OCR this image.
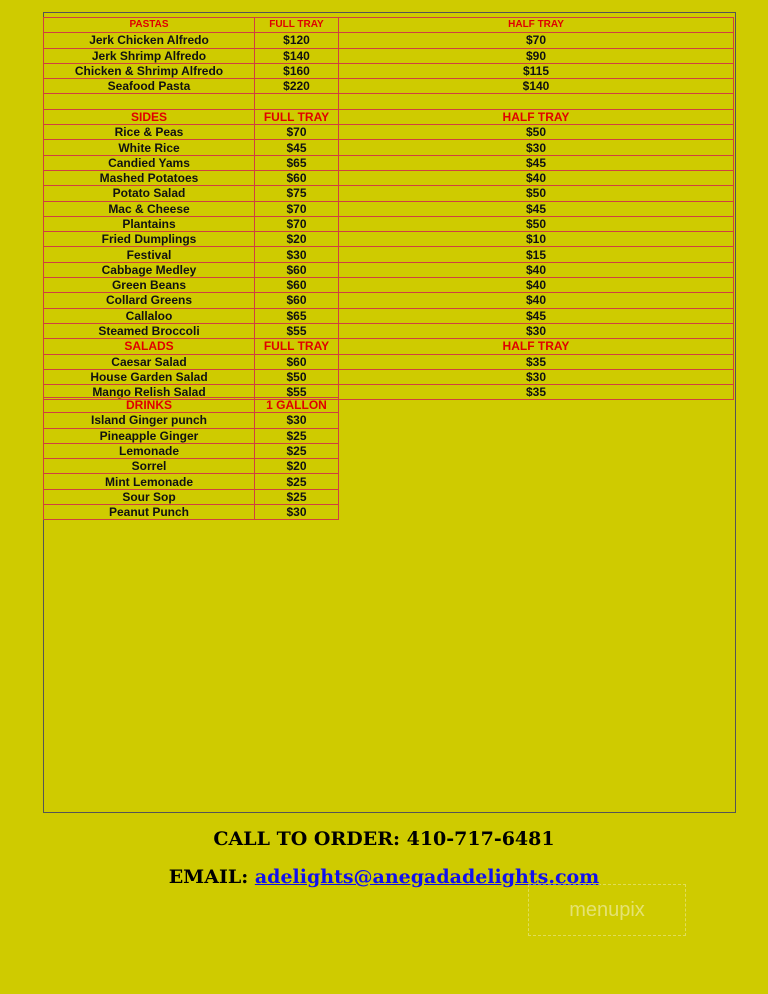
PASTAS	FULL TRAY	HALF TRAY
Jerk Chicken Alfredo	$120	$70
Jerk Shrimp Alfredo	$140	$90
Chicken & Shrimp Alfredo	$160	$115
Seafood Pasta	$220	$140

SIDES	FULL TRAY	HALF TRAY
Rice & Peas	$70	$50
White Rice	$45	$30
Candied Yams	$65	$45
Mashed Potatoes	$60	$40
Potato Salad	$75	$50
Mac & Cheese	$70	$45
Plantains	$70	$50
Fried Dumplings	$20	$10
Festival	$30	$15
Cabbage Medley	$60	$40
Green Beans	$60	$40
Collard Greens	$60	$40
Callaloo	$65	$45
Steamed Broccoli	$55	$30
SALADS	FULL TRAY	HALF TRAY
Caesar Salad	$60	$35
House Garden Salad	$50	$30
Mango Relish Salad	$55	$35
DRINKS	1 GALLON
Island Ginger punch	$30
Pineapple Ginger	$25
Lemonade	$25
Sorrel	$20
Mint Lemonade	$25
Sour Sop	$25
Peanut Punch	$30
CALL TO ORDER: 410-717-6481
EMAIL: adelights@anegadadelights.com
menupix
